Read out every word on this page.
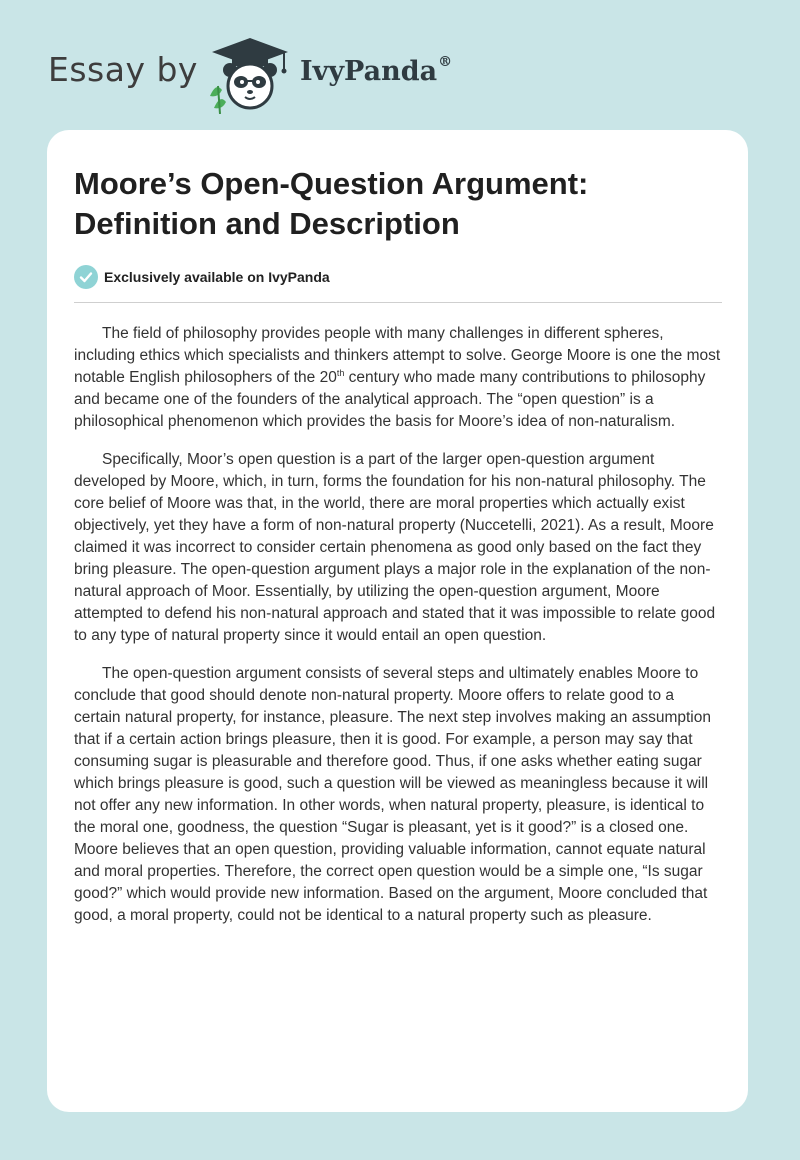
Essay by	IvyPanda®
Moore’s Open-Question Argument: Definition and Description
Exclusively available on IvyPanda

The field of philosophy provides people with many challenges in different spheres, including ethics which specialists and thinkers attempt to solve. George Moore is one the most notable English philosophers of the 20th century who made many contributions to philosophy and became one of the founders of the analytical approach. The “open question” is a philosophical phenomenon which provides the basis for Moore’s idea of non-naturalism.

Specifically, Moor’s open question is a part of the larger open-question argument developed by Moore, which, in turn, forms the foundation for his non-natural philosophy. The core belief of Moore was that, in the world, there are moral properties which actually exist objectively, yet they have a form of non-natural property (Nuccetelli, 2021). As a result, Moore claimed it was incorrect to consider certain phenomena as good only based on the fact they bring pleasure. The open-question argument plays a major role in the explanation of the non-natural approach of Moor. Essentially, by utilizing the open-question argument, Moore attempted to defend his non-natural approach and stated that it was impossible to relate good to any type of natural property since it would entail an open question.

The open-question argument consists of several steps and ultimately enables Moore to conclude that good should denote non-natural property. Moore offers to relate good to a certain natural property, for instance, pleasure. The next step involves making an assumption that if a certain action brings pleasure, then it is good. For example, a person may say that consuming sugar is pleasurable and therefore good. Thus, if one asks whether eating sugar which brings pleasure is good, such a question will be viewed as meaningless because it will not offer any new information. In other words, when natural property, pleasure, is identical to the moral one, goodness, the question “Sugar is pleasant, yet is it good?” is a closed one. Moore believes that an open question, providing valuable information, cannot equate natural and moral properties. Therefore, the correct open question would be a simple one, “Is sugar good?” which would provide new information. Based on the argument, Moore concluded that good, a moral property, could not be identical to a natural property such as pleasure.
